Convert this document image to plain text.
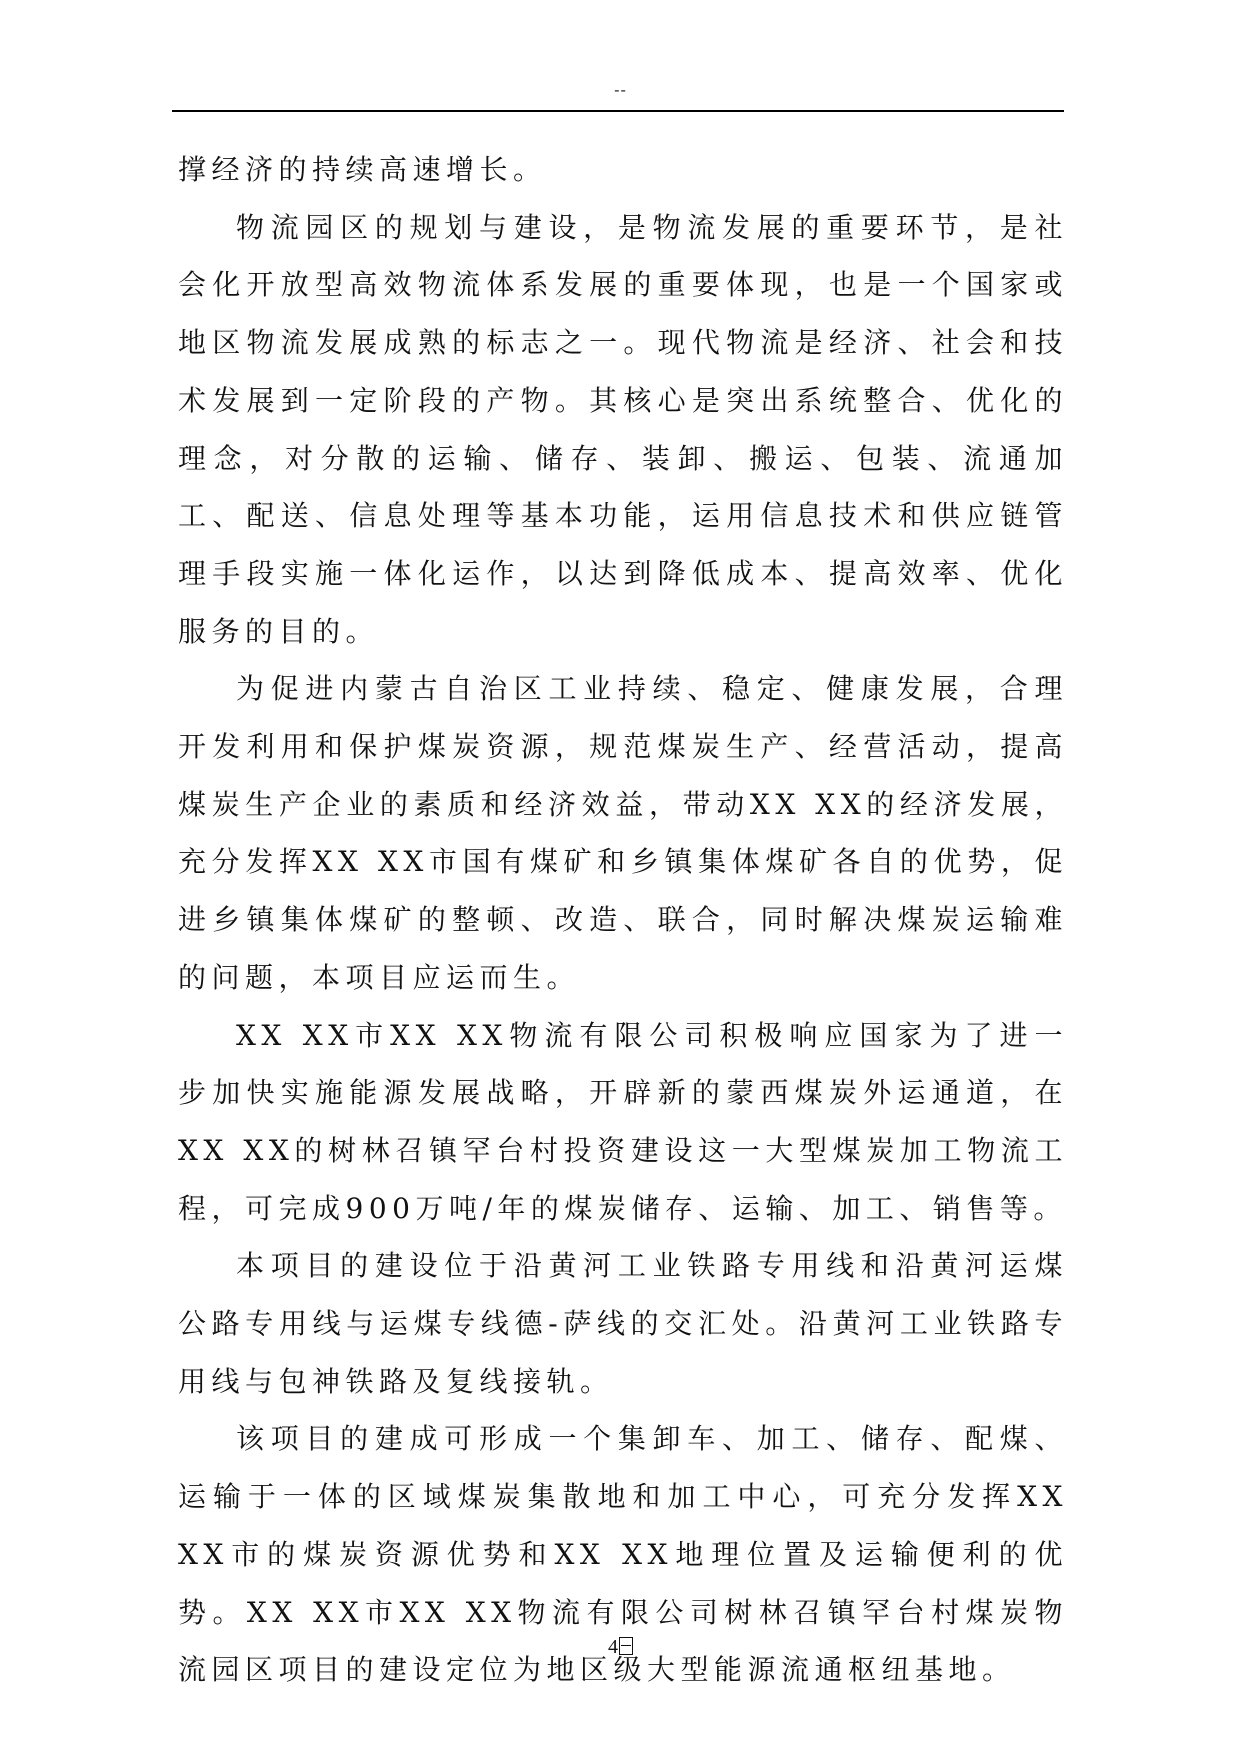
--

撑经济的持续高速增长。

物流园区的规划与建设，是物流发展的重要环节，是社会化开放型高效物流体系发展的重要体现，也是一个国家或地区物流发展成熟的标志之一。现代物流是经济、社会和技术发展到一定阶段的产物。其核心是突出系统整合、优化的理念，对分散的运输、储存、装卸、搬运、包装、流通加工、配送、信息处理等基本功能，运用信息技术和供应链管理手段实施一体化运作，以达到降低成本、提高效率、优化服务的目的。

为促进内蒙古自治区工业持续、稳定、健康发展，合理开发利用和保护煤炭资源，规范煤炭生产、经营活动，提高煤炭生产企业的素质和经济效益，带动XX XX的经济发展，充分发挥XX XX市国有煤矿和乡镇集体煤矿各自的优势，促进乡镇集体煤矿的整顿、改造、联合，同时解决煤炭运输难的问题，本项目应运而生。

XX XX市XX XX物流有限公司积极响应国家为了进一步加快实施能源发展战略，开辟新的蒙西煤炭外运通道，在XX XX的树林召镇罕台村投资建设这一大型煤炭加工物流工程，可完成900万吨/年的煤炭储存、运输、加工、销售等。

本项目的建设位于沿黄河工业铁路专用线和沿黄河运煤公路专用线与运煤专线德-萨线的交汇处。沿黄河工业铁路专用线与包神铁路及复线接轨。

该项目的建成可形成一个集卸车、加工、储存、配煤、运输于一体的区域煤炭集散地和加工中心，可充分发挥XX XX市的煤炭资源优势和XX XX地理位置及运输便利的优势。XX XX市XX XX物流有限公司树林召镇罕台村煤炭物流园区项目的建设定位为地区级大型能源流通枢纽基地。

4
